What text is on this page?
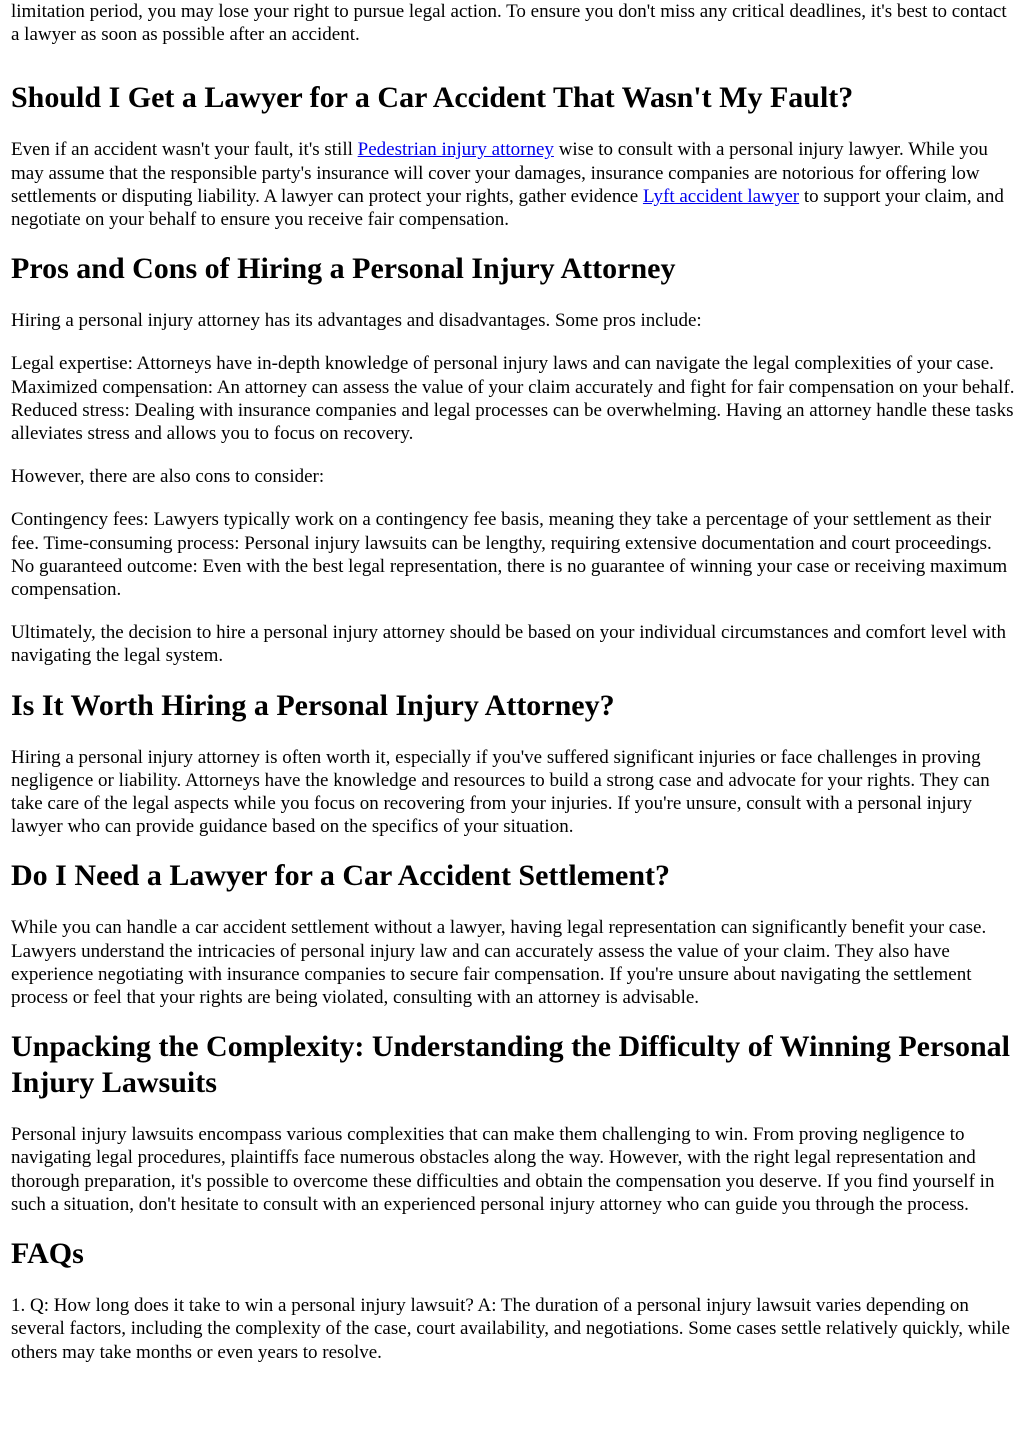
limitation period, you may lose your right to pursue legal action. To ensure you don't miss any critical deadlines, it's best to contact a lawyer as soon as possible after an accident.

Should I Get a Lawyer for a Car Accident That Wasn't My Fault?

Even if an accident wasn't your fault, it's still Pedestrian injury attorney wise to consult with a personal injury lawyer. While you may assume that the responsible party's insurance will cover your damages, insurance companies are notorious for offering low settlements or disputing liability. A lawyer can protect your rights, gather evidence Lyft accident lawyer to support your claim, and negotiate on your behalf to ensure you receive fair compensation.

Pros and Cons of Hiring a Personal Injury Attorney

Hiring a personal injury attorney has its advantages and disadvantages. Some pros include:

Legal expertise: Attorneys have in-depth knowledge of personal injury laws and can navigate the legal complexities of your case. Maximized compensation: An attorney can assess the value of your claim accurately and fight for fair compensation on your behalf. Reduced stress: Dealing with insurance companies and legal processes can be overwhelming. Having an attorney handle these tasks alleviates stress and allows you to focus on recovery.

However, there are also cons to consider:

Contingency fees: Lawyers typically work on a contingency fee basis, meaning they take a percentage of your settlement as their fee. Time-consuming process: Personal injury lawsuits can be lengthy, requiring extensive documentation and court proceedings. No guaranteed outcome: Even with the best legal representation, there is no guarantee of winning your case or receiving maximum compensation.

Ultimately, the decision to hire a personal injury attorney should be based on your individual circumstances and comfort level with navigating the legal system.

Is It Worth Hiring a Personal Injury Attorney?

Hiring a personal injury attorney is often worth it, especially if you've suffered significant injuries or face challenges in proving negligence or liability. Attorneys have the knowledge and resources to build a strong case and advocate for your rights. They can take care of the legal aspects while you focus on recovering from your injuries. If you're unsure, consult with a personal injury lawyer who can provide guidance based on the specifics of your situation.

Do I Need a Lawyer for a Car Accident Settlement?

While you can handle a car accident settlement without a lawyer, having legal representation can significantly benefit your case. Lawyers understand the intricacies of personal injury law and can accurately assess the value of your claim. They also have experience negotiating with insurance companies to secure fair compensation. If you're unsure about navigating the settlement process or feel that your rights are being violated, consulting with an attorney is advisable.

Unpacking the Complexity: Understanding the Difficulty of Winning Personal Injury Lawsuits

Personal injury lawsuits encompass various complexities that can make them challenging to win. From proving negligence to navigating legal procedures, plaintiffs face numerous obstacles along the way. However, with the right legal representation and thorough preparation, it's possible to overcome these difficulties and obtain the compensation you deserve. If you find yourself in such a situation, don't hesitate to consult with an experienced personal injury attorney who can guide you through the process.

FAQs

1. Q: How long does it take to win a personal injury lawsuit? A: The duration of a personal injury lawsuit varies depending on several factors, including the complexity of the case, court availability, and negotiations. Some cases settle relatively quickly, while others may take months or even years to resolve.
